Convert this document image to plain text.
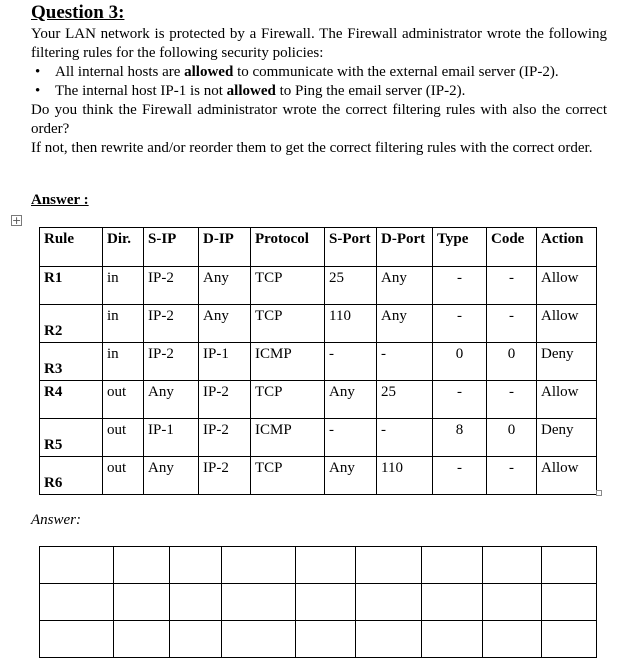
Question 3:

Your LAN network is protected by a Firewall. The Firewall administrator wrote the following filtering rules for the following security policies:

• All internal hosts are allowed to communicate with the external email server (IP-2).
• The internal host IP-1 is not allowed to Ping the email server (IP-2).

Do you think the Firewall administrator wrote the correct filtering rules with also the correct order?

If not, then rewrite and/or reorder them to get the correct filtering rules with the correct order.

Answer :
+
Rule	Dir.	S-IP	D-IP	Protocol	S-Port	D-Port	Type	Code	Action
R1	in	IP-2	Any	TCP	25	Any	-	-	Allow
R2	in	IP-2	Any	TCP	110	Any	-	-	Allow
R3	in	IP-2	IP-1	ICMP	-	-	0	0	Deny
R4	out	Any	IP-2	TCP	Any	25	-	-	Allow
R5	out	IP-1	IP-2	ICMP	-	-	8	0	Deny
R6	out	Any	IP-2	TCP	Any	110	-	-	Allow

Answer:
